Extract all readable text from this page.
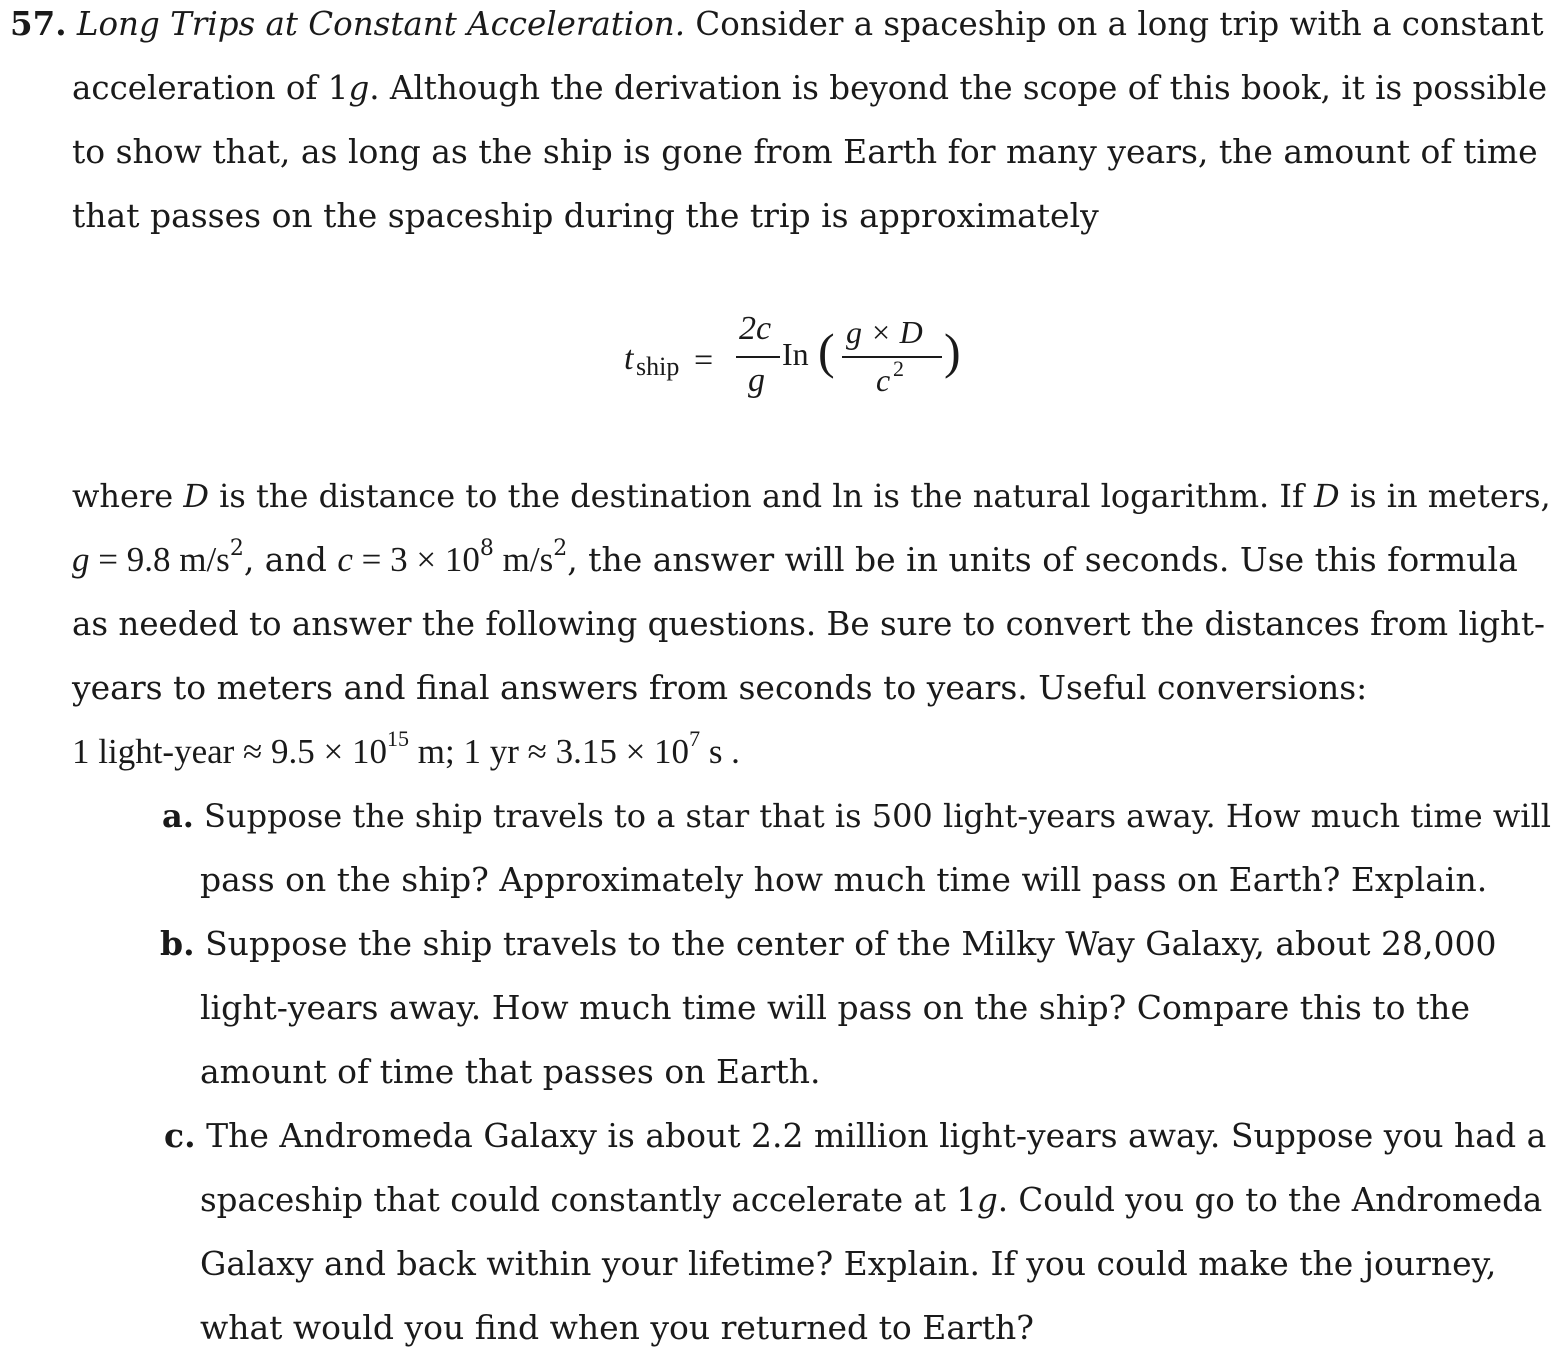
57. Long Trips at Constant Acceleration. Consider a spaceship on a long trip with a constant
acceleration of 1g. Although the derivation is beyond the scope of this book, it is possible
to show that, as long as the ship is gone from Earth for many years, the amount of time
that passes on the spaceship during the trip is approximately
t ship =
2c
g
In ( g × D
c 2 )
where D is the distance to the destination and ln is the natural logarithm. If D is in meters,
g = 9.8 $m/s^2$, and $c = 3 \times 10^8$ $m/s^2$, the answer will be in units of seconds. Use this formula
as needed to answer the following questions. Be sure to convert the distances from light-
years to meters and final answers from seconds to years. Useful conversions:
1 light-year ≈ $9.5 \times 10^{15}$ m; 1 yr ≈ $3.15 \times 10^7$ s .
a. Suppose the ship travels to a star that is 500 light-years away. How much time will
pass on the ship? Approximately how much time will pass on Earth? Explain.
b. Suppose the ship travels to the center of the Milky Way Galaxy, about 28,000
light-years away. How much time will pass on the ship? Compare this to the
amount of time that passes on Earth.
c. The Andromeda Galaxy is about 2.2 million light-years away. Suppose you had a
spaceship that could constantly accelerate at 1g. Could you go to the Andromeda
Galaxy and back within your lifetime? Explain. If you could make the journey,
what would you find when you returned to Earth?
